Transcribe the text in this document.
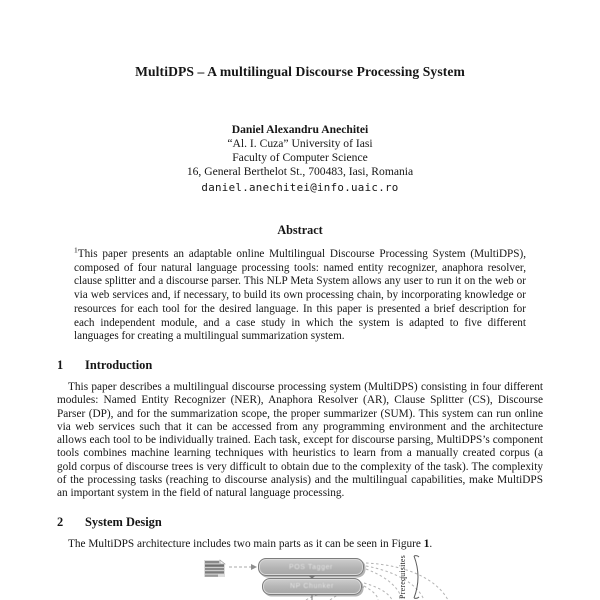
MultiDPS – A multilingual Discourse Processing System
Daniel Alexandru Anechitei
“Al. I. Cuza” University of Iasi
Faculty of Computer Science
16, General Berthelot St., 700483, Iasi, Romania
daniel.anechitei@info.uaic.ro
Abstract
$^1$This paper presents an adaptable online Multilingual Discourse Processing System (MultiDPS), composed of four natural language processing tools: named entity recognizer, anaphora resolver, clause splitter and a discourse parser. This NLP Meta System allows any user to run it on the web or via web services and, if necessary, to build its own processing chain, by incorporating knowledge or resources for each tool for the desired language. In this paper is presented a brief description for each independent module, and a case study in which the system is adapted to five different languages for creating a multilingual summarization system.
1	Introduction
This paper describes a multilingual discourse processing system (MultiDPS) consisting in four different modules: Named Entity Recognizer (NER), Anaphora Resolver (AR), Clause Splitter (CS), Discourse Parser (DP), and for the summarization scope, the proper summarizer (SUM). This system can run online via web services such that it can be accessed from any programming environment and the architecture allows each tool to be individually trained. Each task, except for discourse parsing, MultiDPS’s component tools combines machine learning techniques with heuristics to learn from a manually created corpus (a gold corpus of discourse trees is very difficult to obtain due to the complexity of the task). The complexity of the processing tasks (reaching to discourse analysis) and the multilingual capabilities, make MultiDPS an important system in the field of natural language processing.
2	System Design
The MultiDPS architecture includes two main parts as it can be seen in Figure 1.
POS Tagger
NP Chunker	Prerequisites
